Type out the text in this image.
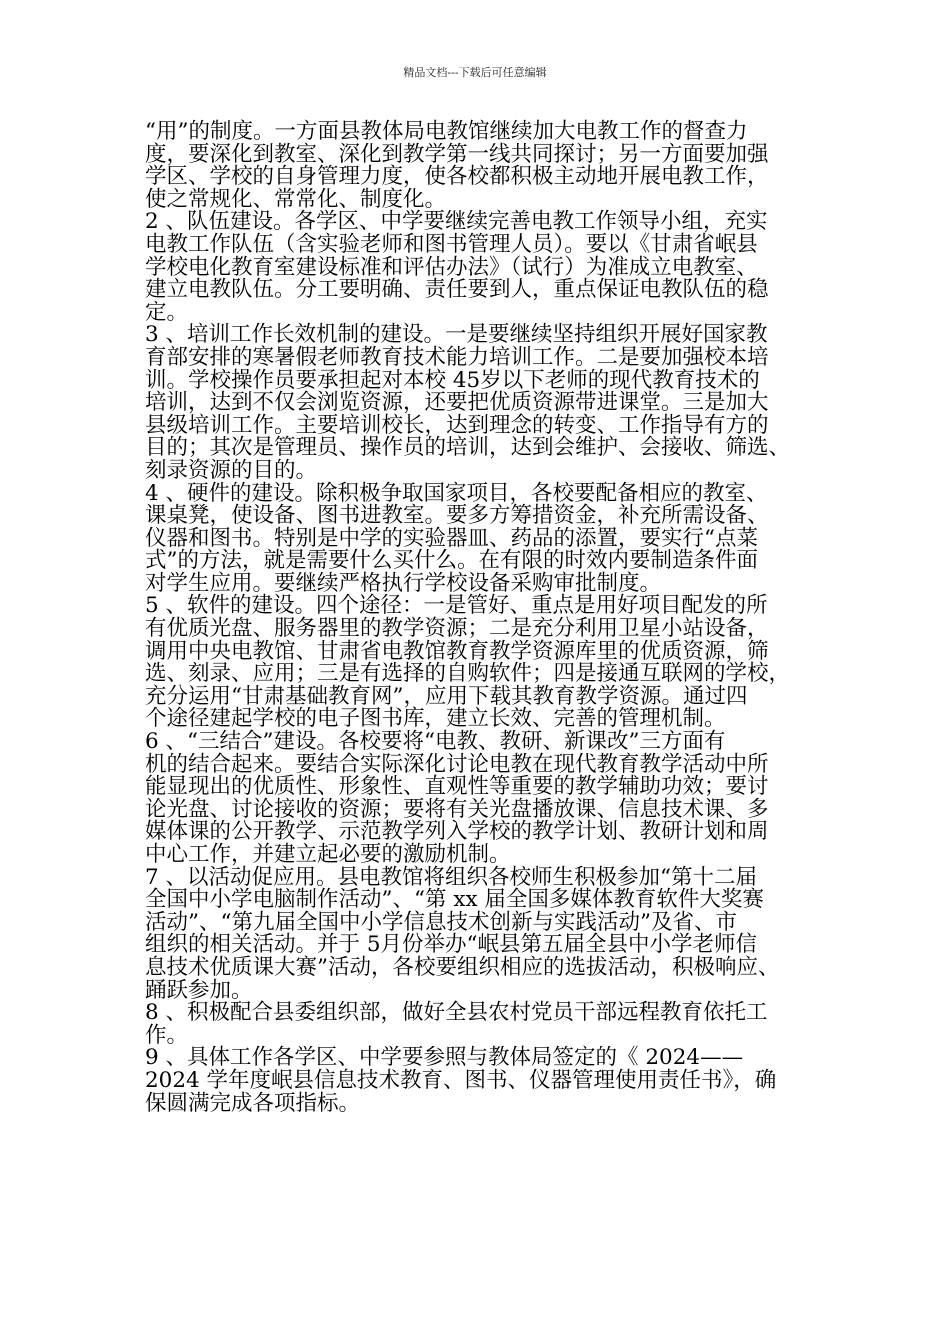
精品文档---下载后可任意编辑
“用”的制度。一方面县教体局电教馆继续加大电教工作的督查力
度，要深化到教室、深化到教学第一线共同探讨；另一方面要加强
学区、学校的自身管理力度，使各校都积极主动地开展电教工作，
使之常规化、常常化、制度化。
2 、队伍建设。各学区、中学要继续完善电教工作领导小组，充实
电教工作队伍（含实验老师和图书管理人员）。要以《甘肃省岷县
学校电化教育室建设标准和评估办法》（试行）为准成立电教室、
建立电教队伍。分工要明确、责任要到人，重点保证电教队伍的稳
定。
3 、培训工作长效机制的建设。一是要继续坚持组织开展好国家教
育部安排的寒暑假老师教育技术能力培训工作。二是要加强校本培
训。学校操作员要承担起对本校 45岁以下老师的现代教育技术的
培训，达到不仅会浏览资源，还要把优质资源带进课堂。三是加大
县级培训工作。主要培训校长，达到理念的转变、工作指导有方的
目的；其次是管理员、操作员的培训，达到会维护、会接收、筛选、
刻录资源的目的。
4 、硬件的建设。除积极争取国家项目，各校要配备相应的教室、
课桌凳，使设备、图书进教室。要多方筹措资金，补充所需设备、
仪器和图书。特别是中学的实验器皿、药品的添置，要实行“点菜
式”的方法，就是需要什么买什么。在有限的时效内要制造条件面
对学生应用。要继续严格执行学校设备采购审批制度。
5 、软件的建设。四个途径：一是管好、重点是用好项目配发的所
有优质光盘、服务器里的教学资源；二是充分利用卫星小站设备，
调用中央电教馆、甘肃省电教馆教育教学资源库里的优质资源，筛
选、刻录、应用；三是有选择的自购软件；四是接通互联网的学校，
充分运用“甘肃基础教育网”，应用下载其教育教学资源。通过四
个途径建起学校的电子图书库，建立长效、完善的管理机制。
6 、“三结合”建设。各校要将“电教、教研、新课改”三方面有
机的结合起来。要结合实际深化讨论电教在现代教育教学活动中所
能显现出的优质性、形象性、直观性等重要的教学辅助功效；要讨
论光盘、讨论接收的资源；要将有关光盘播放课、信息技术课、多
媒体课的公开教学、示范教学列入学校的教学计划、教研计划和周
中心工作，并建立起必要的激励机制。
7 、以活动促应用。县电教馆将组织各校师生积极参加“第十二届
全国中小学电脑制作活动”、“第 xx 届全国多媒体教育软件大奖赛
活动”、“第九届全国中小学信息技术创新与实践活动”及省、市
组织的相关活动。并于 5月份举办“岷县第五届全县中小学老师信
息技术优质课大赛”活动，各校要组织相应的选拔活动，积极响应、
踊跃参加。
8 、积极配合县委组织部，做好全县农村党员干部远程教育依托工
作。
9 、具体工作各学区、中学要参照与教体局签定的《 2024——
2024 学年度岷县信息技术教育、图书、仪器管理使用责任书》，确
保圆满完成各项指标。
